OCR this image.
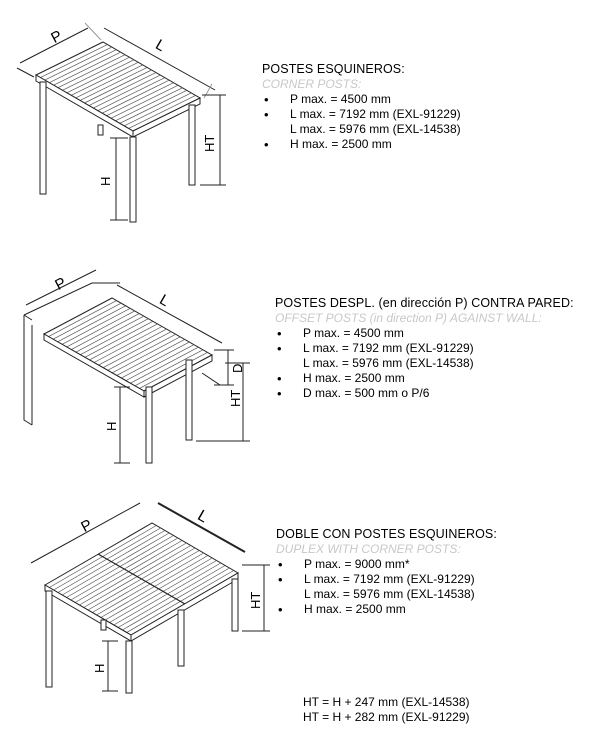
P	L
HT
H
POSTES ESQUINEROS:
CORNER POSTS:
• P max. = 4500 mm
• L max. = 7192 mm (EXL-91229)
L max. = 5976 mm (EXL-14538)
• H max. = 2500 mm
P
L
D
HT
H
POSTES DESPL. (en dirección P) CONTRA PARED:
OFFSET POSTS (in direction P) AGAINST WALL:
• P max. = 4500 mm
• L max. = 7192 mm (EXL-91229)
L max. = 5976 mm (EXL-14538)
• H max. = 2500 mm
• D max. = 500 mm o P/6
P	L
HT
H
DOBLE CON POSTES ESQUINEROS:
DUPLEX WITH CORNER POSTS:
• P max. = 9000 mm*
• L max. = 7192 mm (EXL-91229)
L max. = 5976 mm (EXL-14538)
• H max. = 2500 mm
HT = H + 247 mm (EXL-14538)
HT = H + 282 mm (EXL-91229)
